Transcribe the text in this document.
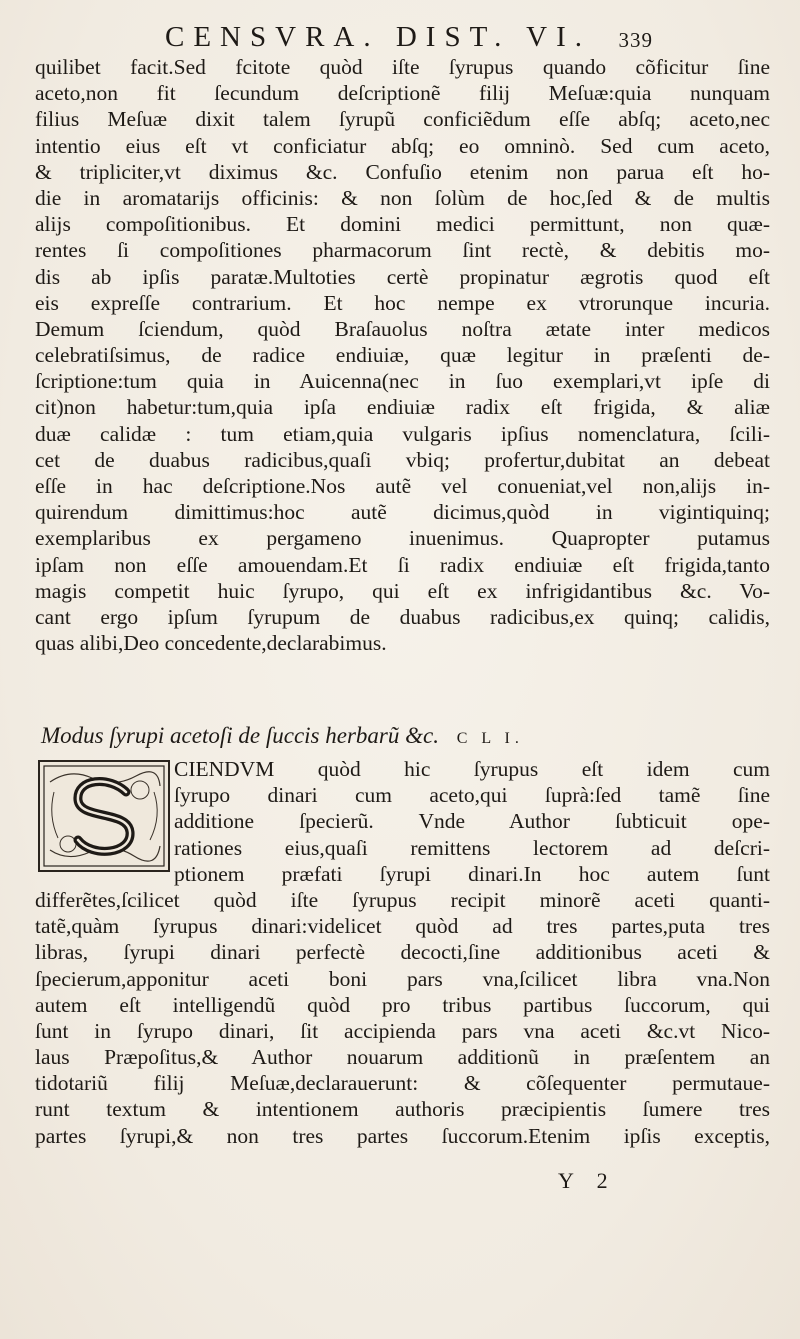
CENSVRA. DIST. VI. 339
quilibet facit.Sed fcitote quòd iſte ſyrupus quando cõficitur ſine
aceto,non fit ſecundum deſcriptionẽ filij Meſuæ:quia nunquam
filius Meſuæ dixit talem ſyrupũ conficiẽdum eſſe abſq; aceto,nec
intentio eius eſt vt conficiatur abſq; eo omninò. Sed cum aceto,
& tripliciter,vt diximus &c. Confuſio etenim non parua eſt ho-
die in aromatarijs officinis: & non ſolùm de hoc,ſed & de multis
alijs compoſitionibus. Et domini medici permittunt, non quæ-
rentes ſi compoſitiones pharmacorum ſint rectè, & debitis mo-
dis ab ipſis paratæ.Multoties certè propinatur ægrotis quod eſt
eis expreſſe contrarium. Et hoc nempe ex vtrorunque incuria.
Demum ſciendum, quòd Braſauolus noſtra ætate inter medicos
celebratiſsimus, de radice endiuiæ, quæ legitur in præſenti de-
ſcriptione:tum quia in Auicenna(nec in ſuo exemplari,vt ipſe di
cit)non habetur:tum,quia ipſa endiuiæ radix eſt frigida, & aliæ
duæ calidæ : tum etiam,quia vulgaris ipſius nomenclatura, ſcili-
cet de duabus radicibus,quaſi vbiq; profertur,dubitat an debeat
eſſe in hac deſcriptione.Nos autẽ vel conueniat,vel non,alijs in-
quirendum dimittimus:hoc autẽ dicimus,quòd in vigintiquinq;
exemplaribus ex pergameno inuenimus. Quapropter putamus
ipſam non eſſe amouendam.Et ſi radix endiuiæ eſt frigida,tanto
magis competit huic ſyrupo, qui eſt ex infrigidantibus &c. Vo-
cant ergo ipſum ſyrupum de duabus radicibus,ex quinq; calidis,
quas alibi,Deo concedente,declarabimus.
Modus ſyrupi acetoſi de ſuccis herbarũ &c. C L I.
CIENDVM quòd hic ſyrupus eſt idem cum
ſyrupo dinari cum aceto,qui ſuprà:ſed tamẽ ſine
additione ſpecierũ. Vnde Author ſubticuit ope-
rationes eius,quaſi remittens lectorem ad deſcri-
ptionem præfati ſyrupi dinari.In hoc autem ſunt
differẽtes,ſcilicet quòd iſte ſyrupus recipit minorẽ aceti quanti-
tatẽ,quàm ſyrupus dinari:videlicet quòd ad tres partes,puta tres
libras, ſyrupi dinari perfectè decocti,ſine additionibus aceti &
ſpecierum,apponitur aceti boni pars vna,ſcilicet libra vna.Non
autem eſt intelligendũ quòd pro tribus partibus ſuccorum, qui
ſunt in ſyrupo dinari, ſit accipienda pars vna aceti &c.vt Nico-
laus Præpoſitus,& Author nouarum additionũ in præſentem an
tidotariũ filij Meſuæ,declarauerunt: & cõſequenter permutaue-
runt textum & intentionem authoris præcipientis ſumere tres
partes ſyrupi,& non tres partes ſuccorum.Etenim ipſis exceptis,
Y 2
